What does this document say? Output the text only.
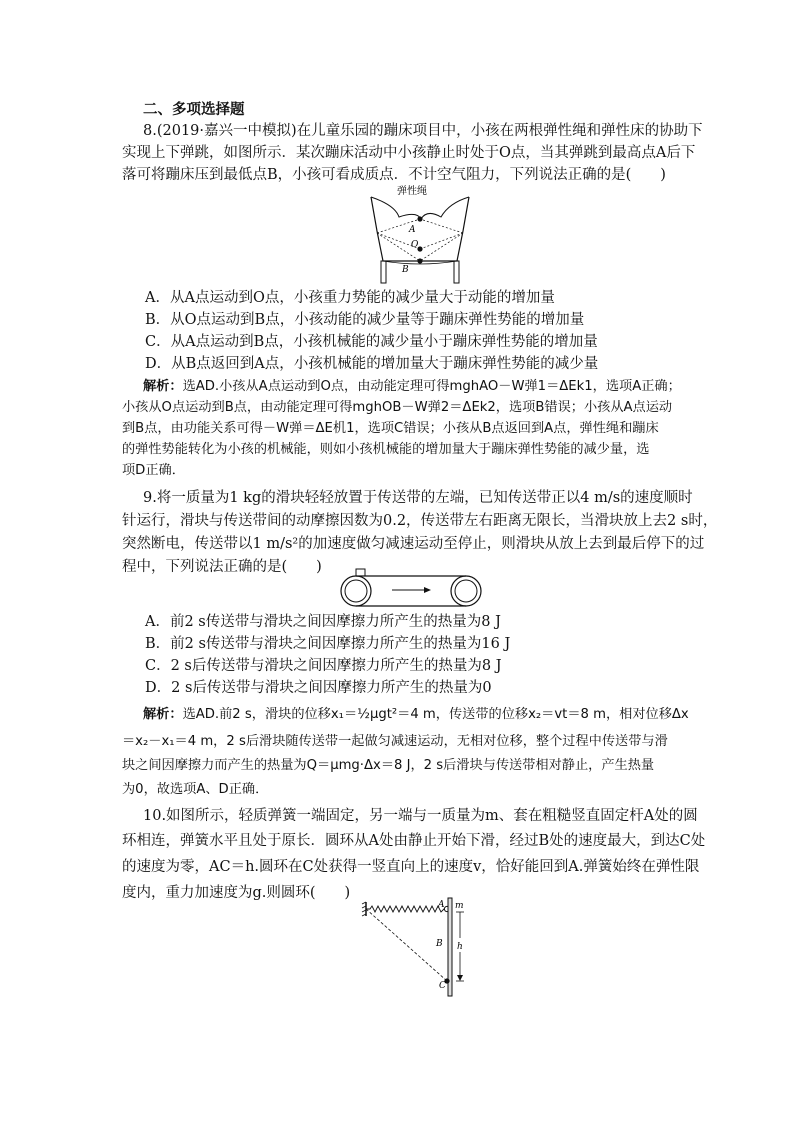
二、多项选择题
8.(2019·嘉兴一中模拟)在儿童乐园的蹦床项目中，小孩在两根弹性绳和弹性床的协助下
实现上下弹跳，如图所示．某次蹦床活动中小孩静止时处于O点，当其弹跳到最高点A后下
落可将蹦床压到最低点B，小孩可看成质点．不计空气阻力，下列说法正确的是(　　)
弹性绳
A
O
B
A．从A点运动到O点，小孩重力势能的减少量大于动能的增加量
B．从O点运动到B点，小孩动能的减少量等于蹦床弹性势能的增加量
C．从A点运动到B点，小孩机械能的减少量小于蹦床弹性势能的增加量
D．从B点返回到A点，小孩机械能的增加量大于蹦床弹性势能的减少量
解析：选AD.小孩从A点运动到O点，由动能定理可得mghAO－W弹1＝ΔEk1，选项A正确；
小孩从O点运动到B点，由动能定理可得mghOB－W弹2＝ΔEk2，选项B错误；小孩从A点运动
到B点，由功能关系可得－W弹＝ΔE机1，选项C错误；小孩从B点返回到A点，弹性绳和蹦床
的弹性势能转化为小孩的机械能，则如小孩机械能的增加量大于蹦床弹性势能的减少量，选
项D正确．
9.将一质量为1 kg的滑块轻轻放置于传送带的左端，已知传送带正以4 m/s的速度顺时
针运行，滑块与传送带间的动摩擦因数为0.2，传送带左右距离无限长，当滑块放上去2 s时，
突然断电，传送带以1 m/s²的加速度做匀减速运动至停止，则滑块从放上去到最后停下的过
程中，下列说法正确的是(　　)
A．前2 s传送带与滑块之间因摩擦力所产生的热量为8 J
B．前2 s传送带与滑块之间因摩擦力所产生的热量为16 J
C．2 s后传送带与滑块之间因摩擦力所产生的热量为8 J
D．2 s后传送带与滑块之间因摩擦力所产生的热量为0
解析：选AD.前2 s，滑块的位移x₁＝½μgt²＝4 m，传送带的位移x₂＝vt＝8 m，相对位移Δx
＝x₂－x₁＝4 m，2 s后滑块随传送带一起做匀减速运动，无相对位移，整个过程中传送带与滑
块之间因摩擦力而产生的热量为Q＝μmg·Δx＝8 J，2 s后滑块与传送带相对静止，产生热量
为0，故选项A、D正确．
10.如图所示，轻质弹簧一端固定，另一端与一质量为m、套在粗糙竖直固定杆A处的圆
环相连，弹簧水平且处于原长．圆环从A处由静止开始下滑，经过B处的速度最大，到达C处
的速度为零，AC＝h.圆环在C处获得一竖直向上的速度v，恰好能回到A.弹簧始终在弹性限
度内，重力加速度为g.则圆环(　　)
A m
B
C
h
